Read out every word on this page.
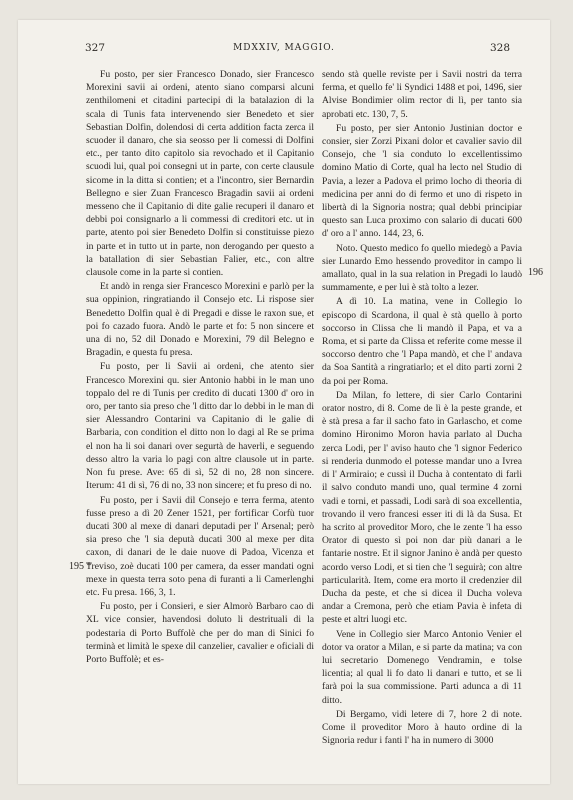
327	MDXXIV, MAGGIO.	328

Fu posto, per sier Francesco Donado, sier Francesco Morexini savii ai ordeni, atento siano comparsi alcuni zenthilomeni et citadini partecipi di la batalazion di la scala di Tunis fata intervenendo sier Benedeto et sier Sebastian Dolfin, dolendosi di certa addition facta zerca il scuoder il danaro, che sia seosso per li comessi di Dolfini etc., per tanto dito capitolo sia revochado et il Capitanio scuodi lui, qual poi consegni ut in parte, con certe clausule sicome in la ditta si contien; et a l'incontro, sier Bernardin Bellegno e sier Zuan Francesco Bragadin savii ai ordeni messeno che il Capitanio di dite galie recuperi il danaro et debbi poi consignarlo a li commessi di creditori etc. ut in parte, atento poi sier Benedeto Dolfin si constituisse piezo in parte et in tutto ut in parte, non derogando per questo a la batallation di sier Sebastian Falier, etc., con altre clausole come in la parte si contien.

Et andò in renga sier Francesco Morexini e parlò per la sua oppinion, ringratiando il Consejo etc. Li rispose sier Benedetto Dolfin qual è di Pregadi e disse le raxon sue, et poi fo cazado fuora. Andò le parte et fo: 5 non sincere et una di no, 52 dil Donado e Morexini, 79 dil Belegno e Bragadin, e questa fu presa.

Fu posto, per li Savii ai ordeni, che atento sier Francesco Morexini qu. sier Antonio habbi in le man uno toppalo del re di Tunis per credito di ducati 1300 d' oro in oro, per tanto sia preso che 'l ditto dar lo debbi in le man di sier Alessandro Contarini va Capitanio di le galie di Barbaria, con condition el ditto non lo dagi al Re se prima el non ha li soi danari over segurtà de haverli, e seguendo desso altro la varia lo pagi con altre clausole ut in parte. Non fu prese. Ave: 65 di sì, 52 di no, 28 non sincere. Iterum: 41 di sì, 76 di no, 33 non sincere; et fu preso di no.

Fu posto, per i Savii dil Consejo e terra ferma, atento fusse preso a dì 20 Zener 1521, per fortificar Corfù tuor ducati 300 al mexe di danari deputadi per l' Arsenal; però sia preso che 'l sia deputà ducati 300 al mexe per dita caxon, di danari de le daie nuove di Padoa, Vicenza et Treviso, zoè ducati 100 per camera, da esser mandati ogni mexe in questa terra soto pena di furanti a li Camerlenghi etc. Fu presa. 166, 3, 1.

Fu posto, per i Consieri, e sier Almorò Barbaro cao di XL vice consier, havendosi doluto li destrituali di la podestaria di Porto Buffolè che per do man di Sinici fo terminà et limità le spexe dil canzelier, cavalier e oficiali di Porto Buffolè; et es-

sendo stà quelle reviste per i Savii nostri da terra ferma, et quello fe' li Syndici 1488 et poi, 1496, sier Alvise Bondimier olim rector di lì, per tanto sia aprobati etc. 130, 7, 5.

Fu posto, per sier Antonio Justinian doctor e consier, sier Zorzi Pixani dolor et cavalier savio dil Consejo, che 'l sia conduto lo excellentissimo domino Matio di Corte, qual ha lecto nel Studio di Pavia, a lezer a Padova el primo locho di theoria di medicina per anni do di fermo et uno di rispeto in libertà di la Signoria nostra; qual debbi principiar questo san Luca proximo con salario di ducati 600 d' oro a l' anno. 144, 23, 6.

Noto. Questo medico fo quello miedegò a Pavia sier Lunardo Emo hessendo proveditor in campo li amallato, qual in la sua relation in Pregadi lo laudò summamente, e per lui è stà tolto a lezer.

A dì 10. La matina, vene in Collegio lo episcopo di Scardona, il qual è stà quello à porto soccorso in Clissa che li mandò il Papa, et va a Roma, et si parte da Clissa et referite come messe il soccorso dentro che 'l Papa mandò, et che l' andava da Soa Santità a ringratiarlo; et el dito parti zorni 2 da poi per Roma.

Da Milan, fo lettere, di sier Carlo Contarini orator nostro, di 8. Come de lì è la peste grande, et è stà presa a far il sacho fato in Garlascho, et come domino Hironimo Moron havia parlato al Ducha zerca Lodi, per l' aviso hauto che 'l signor Federico si renderia dunmodo el potesse mandar uno a Ivrea di l' Armiraio; e cussì il Ducha à contentato di farli il salvo conduto mandi uno, qual termine 4 zorni vadi e torni, et passadi, Lodi sarà di soa excellentia, trovando il vero francesi esser iti di là da Susa. Et ha scrito al proveditor Moro, che le zente 'l ha esso Orator di questo sì poi non dar più danari a le fantarie nostre. Et il signor Janino è andà per questo acordo verso Lodi, et si tien che 'l seguirà; con altre particularità. Item, come era morto il credenzier dil Ducha da peste, et che si dicea il Ducha voleva andar a Cremona, però che etiam Pavia è infeta di peste et altri luogi etc.

Vene in Collegio sier Marco Antonio Venier el dotor va orator a Milan, e si parte da matina; va con lui secretario Domenego Vendramin, e tolse licentia; al qual li fo dato li danari e tutto, et se li farà poi la sua commissione. Parti adunca a dì 11 ditto.

Di Bergamo, vidi letere di 7, hore 2 di note. Come il proveditor Moro à hauto ordine di la Signoria redur i fanti l' ha in numero di 3000

195 *
196
